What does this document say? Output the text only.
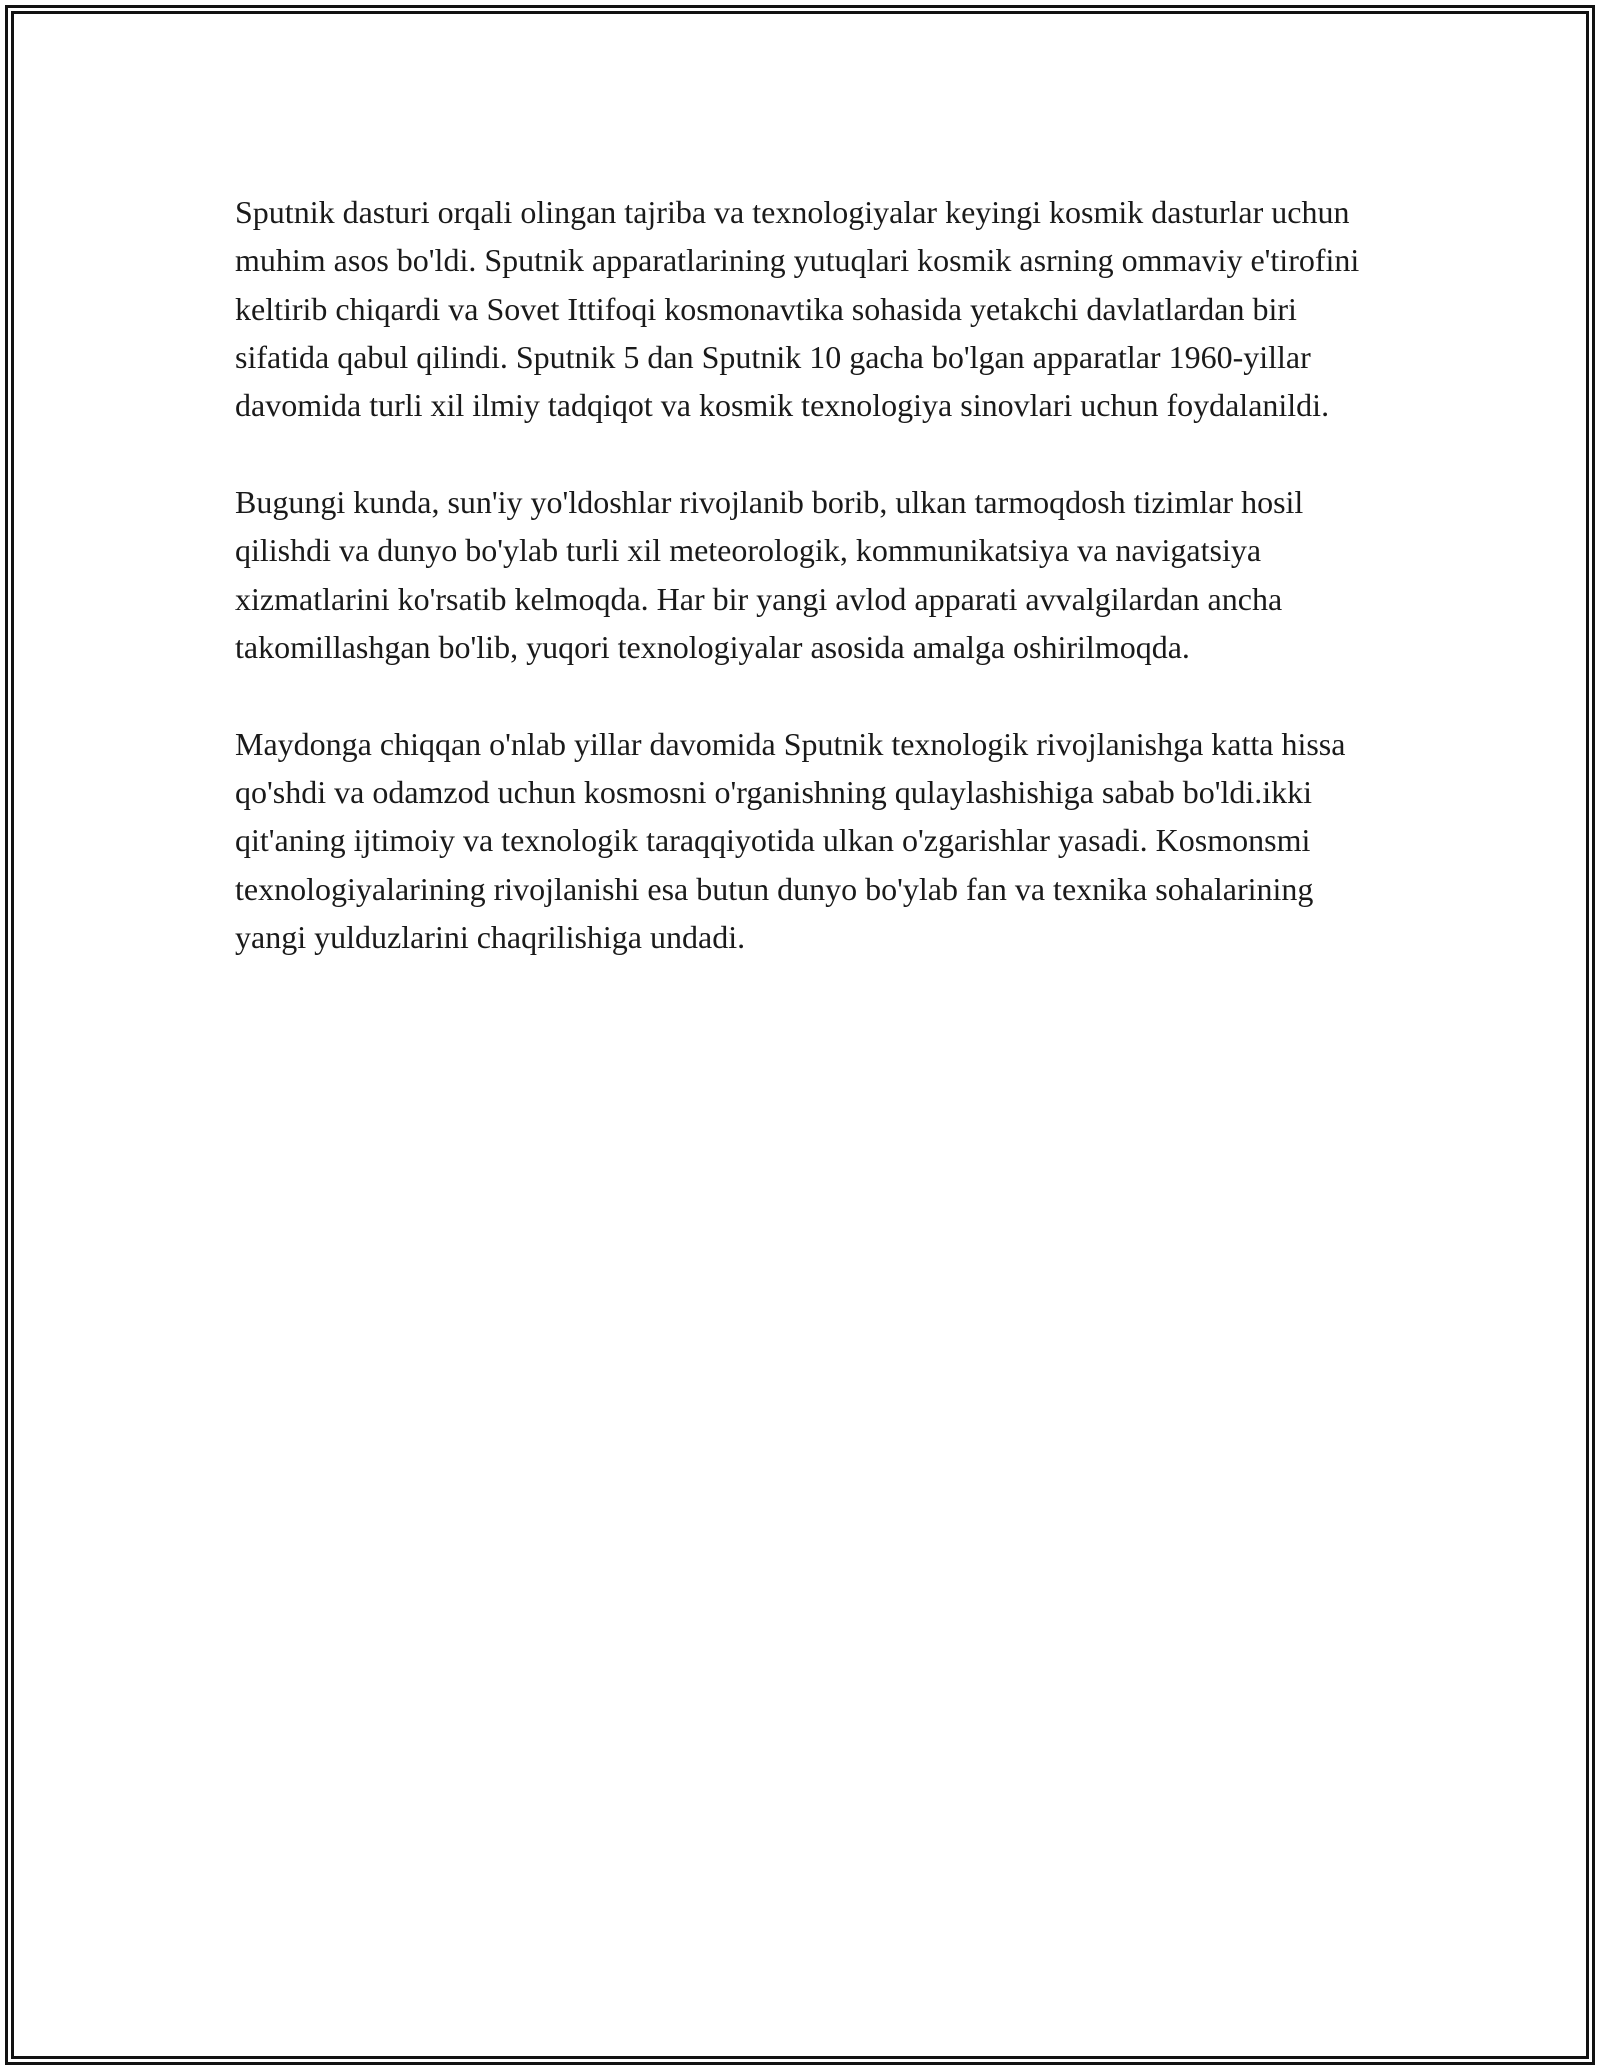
Sputnik dasturi orqali olingan tajriba va texnologiyalar keyingi kosmik dasturlar uchun muhim asos bo'ldi. Sputnik apparatlarining yutuqlari kosmik asrning ommaviy e'tirofini keltirib chiqardi va Sovet Ittifoqi kosmonavtika sohasida yetakchi davlatlardan biri sifatida qabul qilindi. Sputnik 5 dan Sputnik 10 gacha bo'lgan apparatlar 1960-yillar davomida turli xil ilmiy tadqiqot va kosmik texnologiya sinovlari uchun foydalanildi.

Bugungi kunda, sun'iy yo'ldoshlar rivojlanib borib, ulkan tarmoqdosh tizimlar hosil qilishdi va dunyo bo'ylab turli xil meteorologik, kommunikatsiya va navigatsiya xizmatlarini ko'rsatib kelmoqda. Har bir yangi avlod apparati avvalgilardan ancha takomillashgan bo'lib, yuqori texnologiyalar asosida amalga oshirilmoqda.

Maydonga chiqqan o'nlab yillar davomida Sputnik texnologik rivojlanishga katta hissa qo'shdi va odamzod uchun kosmosni o'rganishning qulaylashishiga sabab bo'ldi.ikki qit'aning ijtimoiy va texnologik taraqqiyotida ulkan o'zgarishlar yasadi. Kosmonsmi texnologiyalarining rivojlanishi esa butun dunyo bo'ylab fan va texnika sohalarining yangi yulduzlarini chaqrilishiga undadi.
